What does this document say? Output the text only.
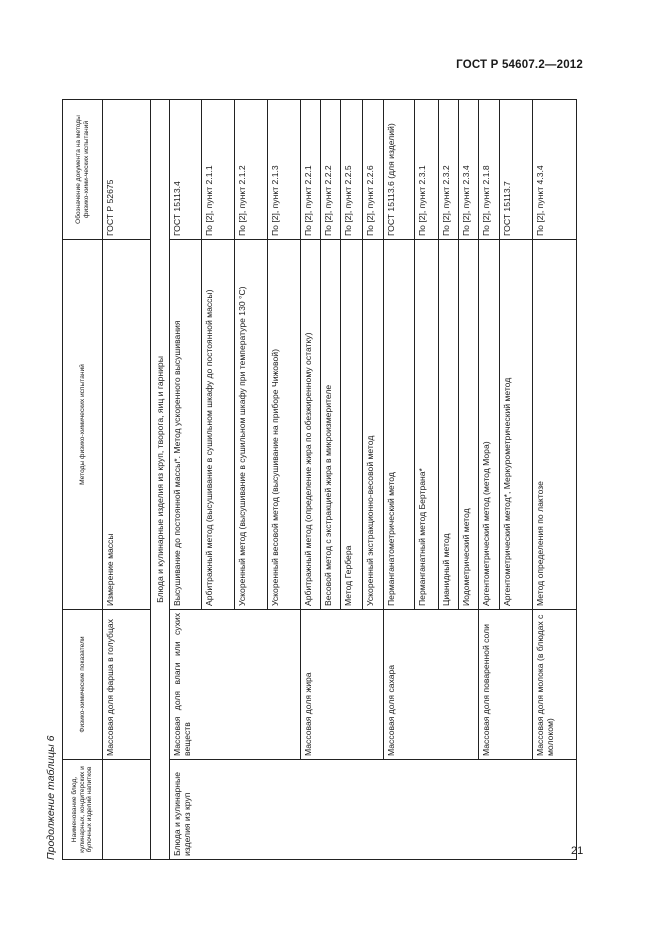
ГОСТ Р 54607.2—2012
21
Продолжение таблицы 6	Наименование блюд, кулинарных, кондитерских и булочных изделий напитков	Физико-химические показатели	Методы физико-химических испытаний	Обозначение документа на методы физико-хими-ческих испытаний
	Массовая доля фарша в голубцах	Измерение массы	ГОСТ Р 52675
Блюда и кулинарные изделия из круп, творога, яиц и гарниры			
Блюда и кулинарные изделия из круп	Массовая доля влаги или сухих веществ	Высушивание до постоянной массы*. Метод ускоренного высушивания	ГОСТ 15113.4
		Арбитражный метод (высушивание в сушильном шкафу до постоянной массы)	По [2], пункт 2.1.1
		Ускоренный метод (высушивание в сушильном шкафу при температуре 130 °С)	По [2], пункт 2.1.2
		Ускоренный весовой метод (высушивание на приборе Чижовой)	По [2], пункт 2.1.3
	Массовая доля жира	Арбитражный метод (определение жира по обезжиренному остатку)	По [2], пункт 2.2.1
		Весовой метод с экстракцией жира в микроизмерителе	По [2], пункт 2.2.2
		Метод Гербера	По [2], пункт 2.2.5
		Ускоренный экстракционно-весовой метод	По [2], пункт 2.2.6
	Массовая доля сахара	Перманганатометрический метод	ГОСТ 15113.6 (для изделий)
		Перманганатный метод Бертрана*	По [2], пункт 2.3.1
		Цианидный метод	По [2], пункт 2.3.2
		Иодометрический метод	По [2], пункт 2.3.4
	Массовая доля поваренной соли	Аргентометрический метод (метод Мора)	По [2], пункт 2.1.8
		Аргентометрический метод*, Меркурометрический метод	ГОСТ 15113.7
	Массовая доля молока (в блюдах с молоком)	Метод определения по лактозе	По [2], пункт 4.3.4
